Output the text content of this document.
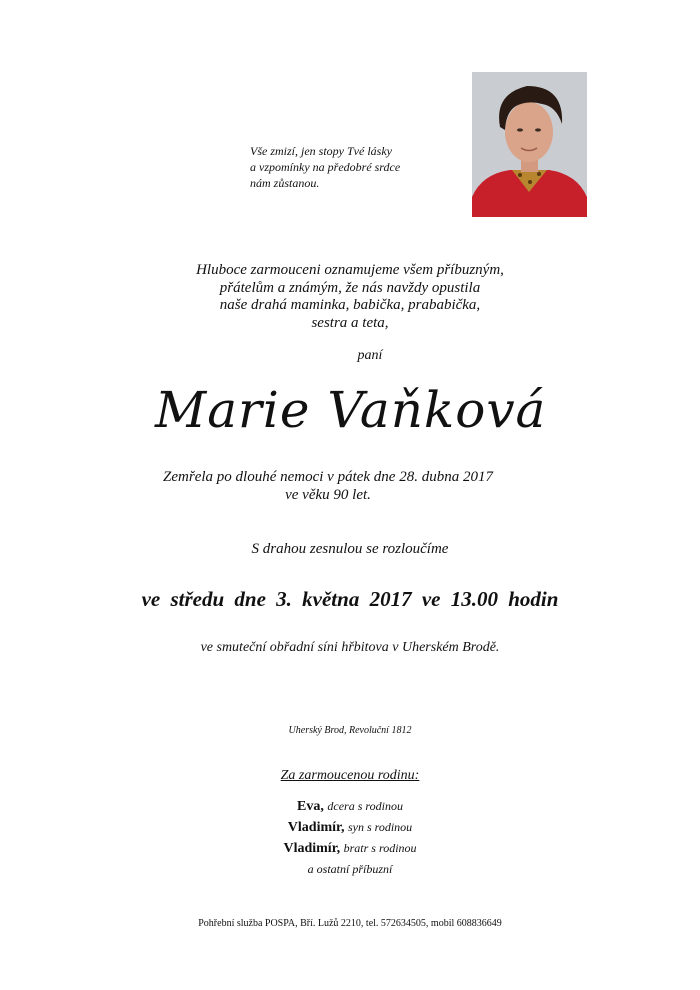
Vše zmizí, jen stopy Tvé lásky
a vzpomínky na předobré srdce
nám zůstanou.
Hluboce zarmouceni oznamujeme všem příbuzným,
přátelům a známým, že nás navždy opustila
naše drahá maminka, babička, prababička,
sestra a teta,
paní
Marie Vaňková
Zemřela po dlouhé nemoci v pátek dne 28. dubna 2017
ve věku 90 let.
S drahou zesnulou se rozloučíme
ve středu dne 3. května 2017 ve 13.00 hodin
ve smuteční obřadní síni hřbitova v Uherském Brodě.
Uherský Brod, Revoluční 1812
Za zarmoucenou rodinu:
Eva, dcera s rodinou
Vladimír, syn s rodinou
Vladimír, bratr s rodinou
a ostatní příbuzní
Pohřební služba POSPA, Bří. Lužů 2210, tel. 572634505, mobil 608836649
